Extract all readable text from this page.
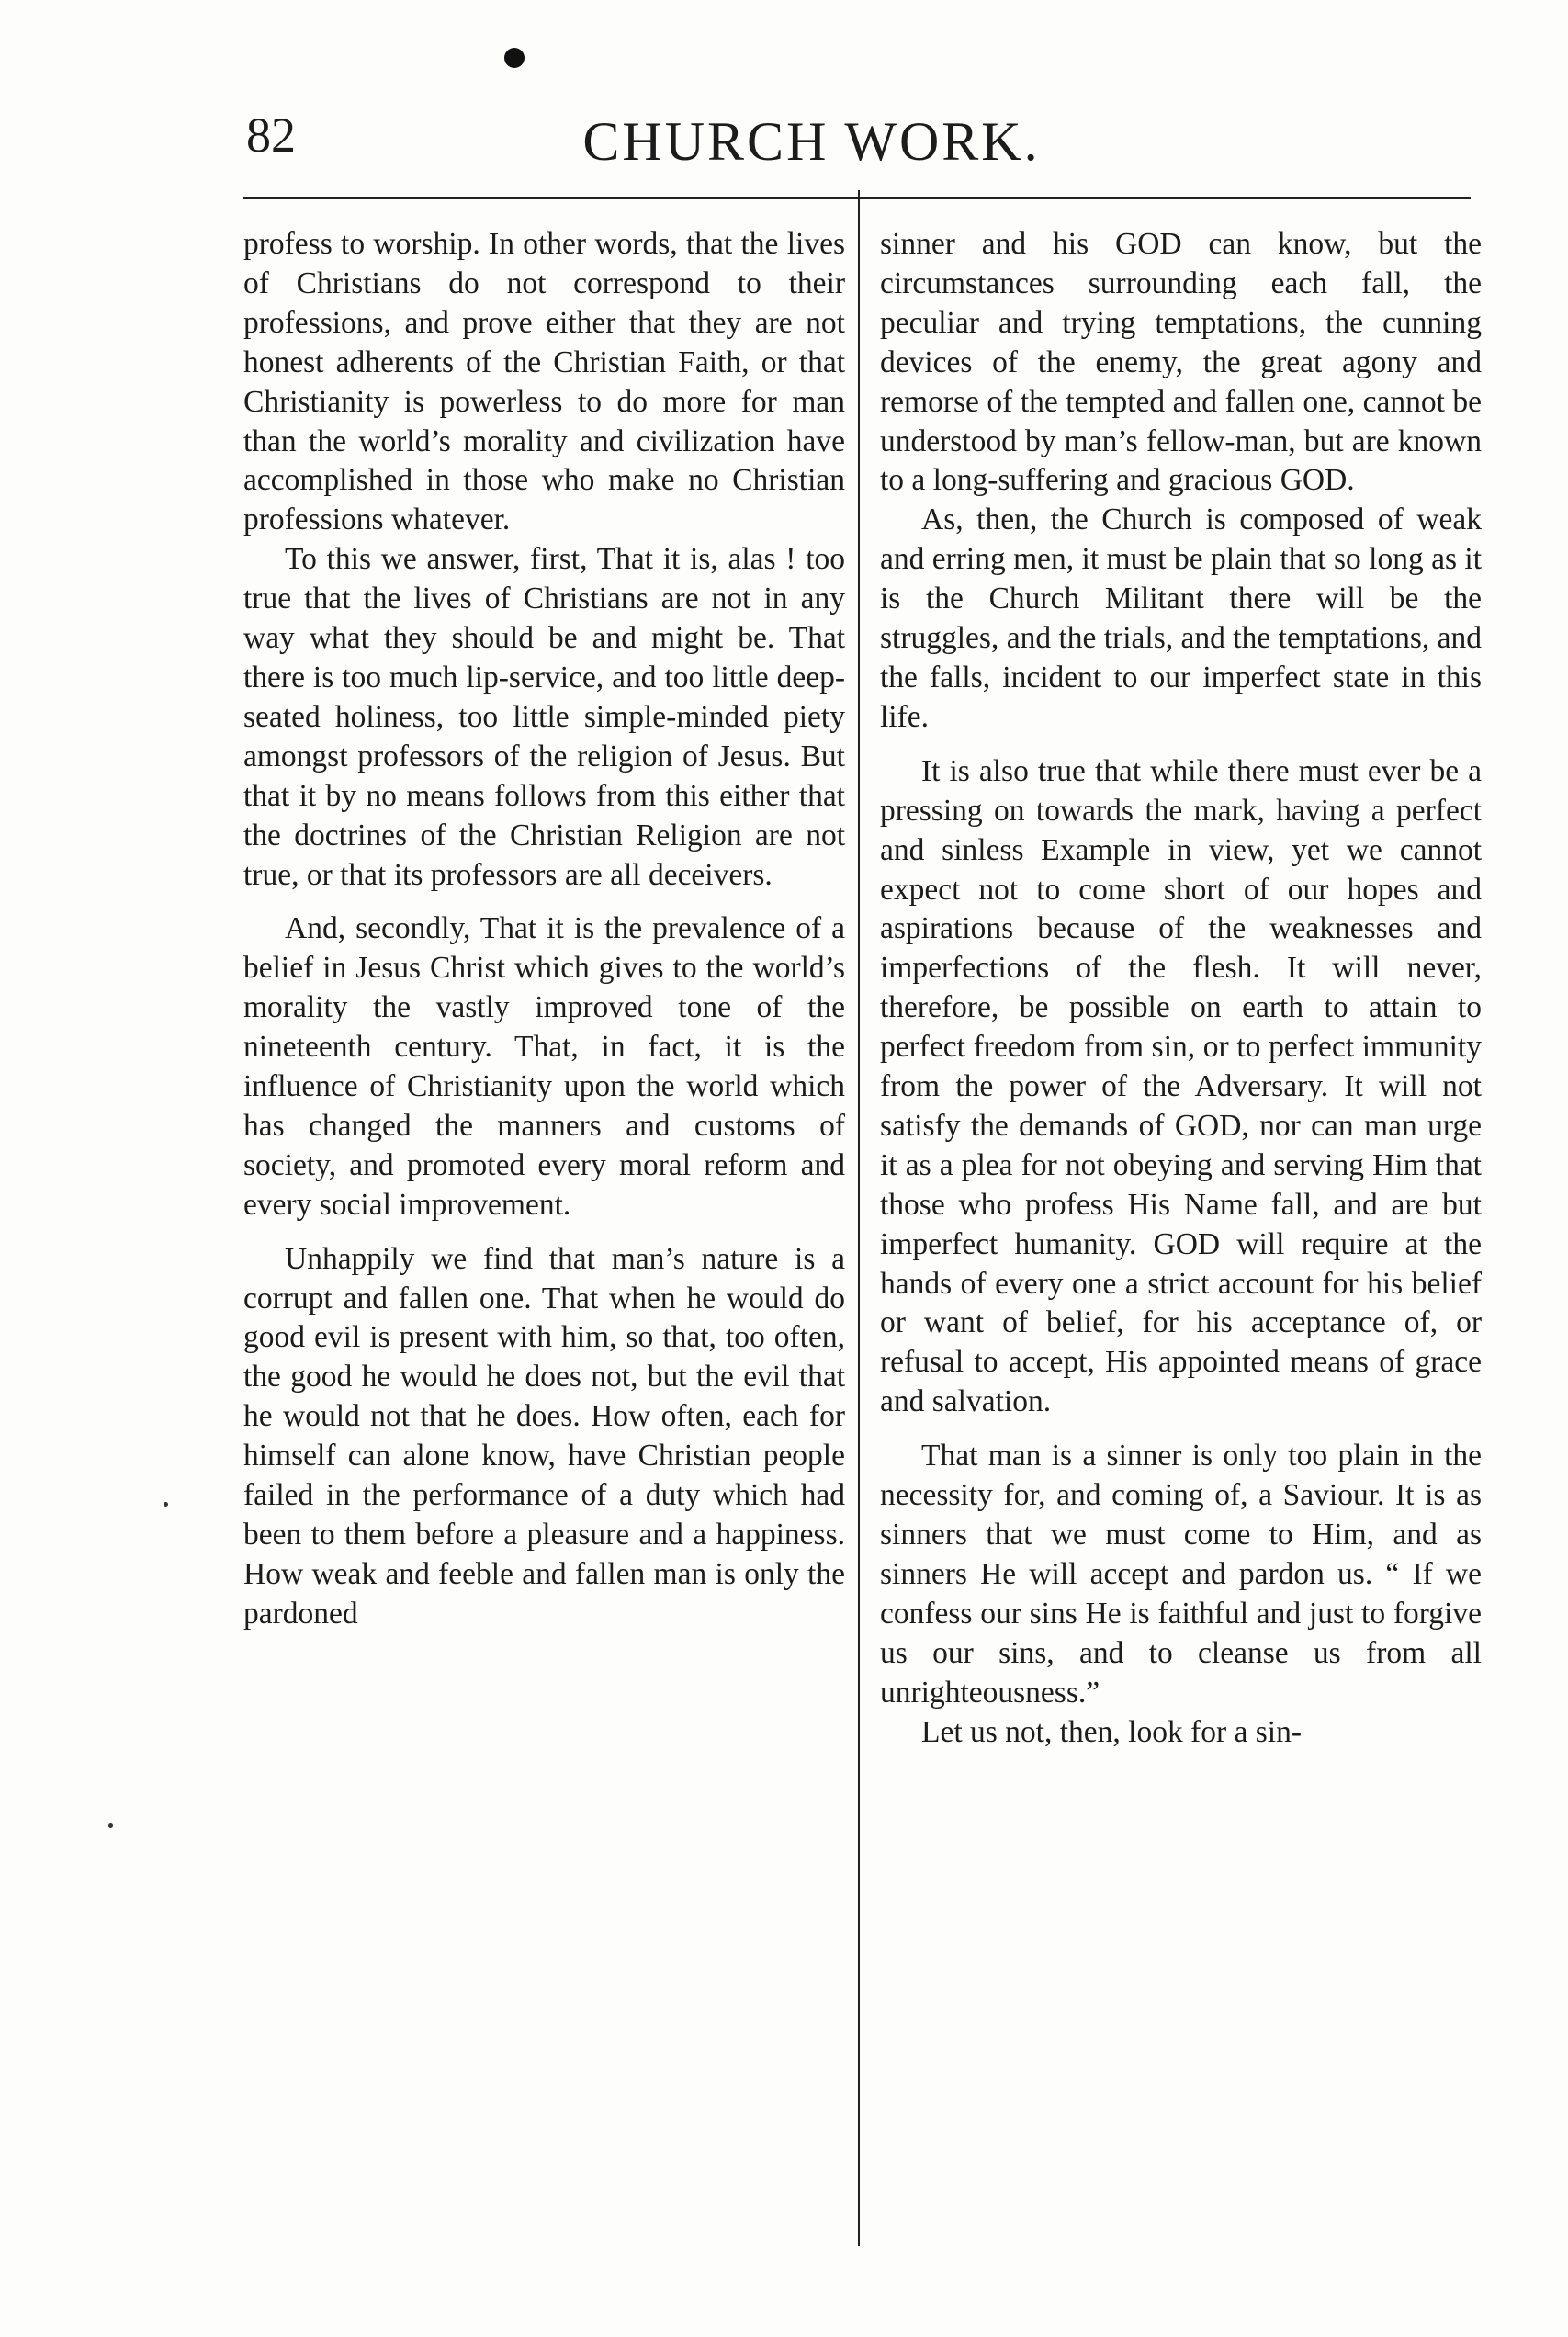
82	CHURCH WORK.

profess to worship. In other words, that the lives of Christians do not correspond to their professions, and prove either that they are not honest adherents of the Christian Faith, or that Christianity is powerless to do more for man than the world’s morality and civilization have accomplished in those who make no Christian professions whatever.

To this we answer, first, That it is, alas ! too true that the lives of Christians are not in any way what they should be and might be. That there is too much lip-service, and too little deep-seated holiness, too little simple-minded piety amongst professors of the religion of Jesus. But that it by no means follows from this either that the doctrines of the Christian Religion are not true, or that its professors are all deceivers.

And, secondly, That it is the prevalence of a belief in Jesus Christ which gives to the world’s morality the vastly improved tone of the nineteenth century. That, in fact, it is the influence of Christianity upon the world which has changed the manners and customs of society, and promoted every moral reform and every social improvement.

Unhappily we find that man’s nature is a corrupt and fallen one. That when he would do good evil is present with him, so that, too often, the good he would he does not, but the evil that he would not that he does. How often, each for himself can alone know, have Christian people failed in the performance of a duty which had been to them before a pleasure and a happiness. How weak and feeble and fallen man is only the pardoned

sinner and his GOD can know, but the circumstances surrounding each fall, the peculiar and trying temptations, the cunning devices of the enemy, the great agony and remorse of the tempted and fallen one, cannot be understood by man’s fellow-man, but are known to a long-suffering and gracious GOD.

As, then, the Church is composed of weak and erring men, it must be plain that so long as it is the Church Militant there will be the struggles, and the trials, and the temptations, and the falls, incident to our imperfect state in this life.

It is also true that while there must ever be a pressing on towards the mark, having a perfect and sinless Example in view, yet we cannot expect not to come short of our hopes and aspirations because of the weaknesses and imperfections of the flesh. It will never, therefore, be possible on earth to attain to perfect freedom from sin, or to perfect immunity from the power of the Adversary. It will not satisfy the demands of GOD, nor can man urge it as a plea for not obeying and serving Him that those who profess His Name fall, and are but imperfect humanity. GOD will require at the hands of every one a strict account for his belief or want of belief, for his acceptance of, or refusal to accept, His appointed means of grace and salvation.

That man is a sinner is only too plain in the necessity for, and coming of, a Saviour. It is as sinners that we must come to Him, and as sinners He will accept and pardon us. “ If we confess our sins He is faithful and just to forgive us our sins, and to cleanse us from all unrighteousness.”

Let us not, then, look for a sin-
